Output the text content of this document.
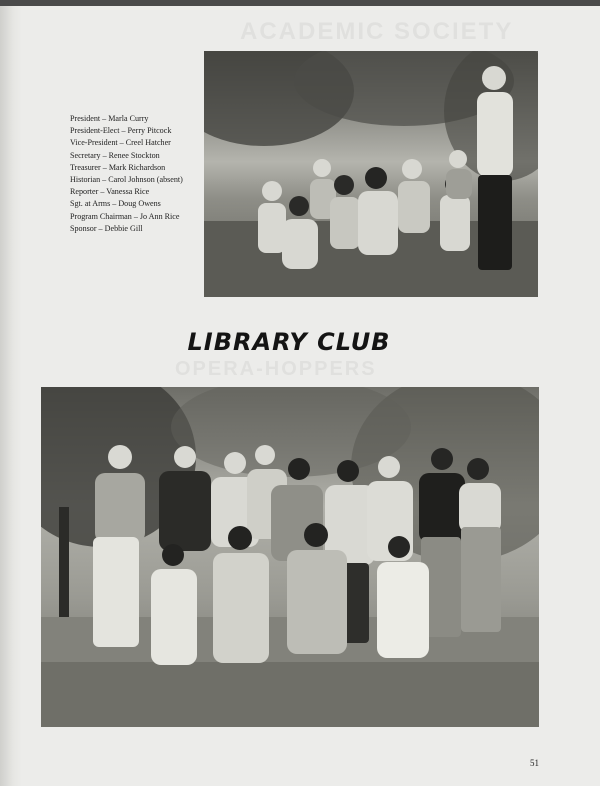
ACADEMIC SOCIETY
OPERA-HOPPERS
President – Marla Curry
President-Elect – Perry Pitcock
Vice-President – Creel Hatcher
Secretary – Renee Stockton
Treasurer – Mark Richardson
Historian – Carol Johnson (absent)
Reporter – Vanessa Rice
Sgt. at Arms – Doug Owens
Program Chairman – Jo Ann Rice
Sponsor – Debbie Gill
LIBRARY CLUB
51
